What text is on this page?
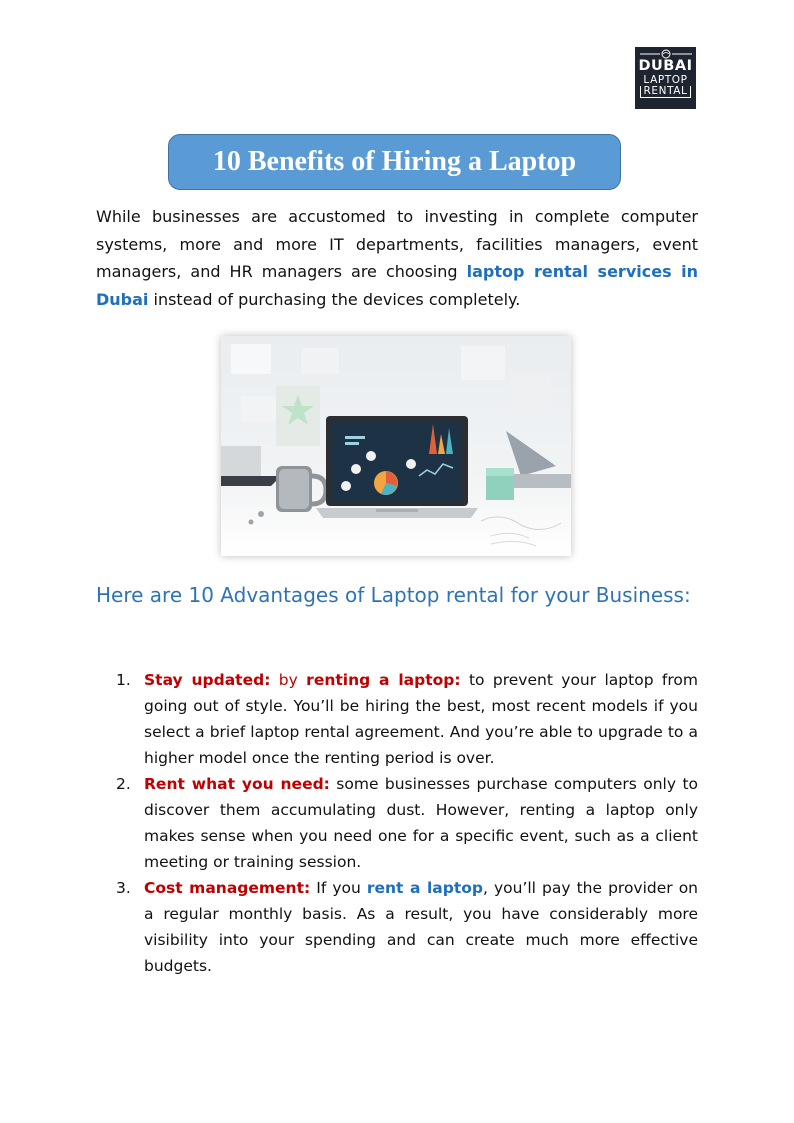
DUBAI
LAPTOP
RENTAL
10 Benefits of Hiring a Laptop

While businesses are accustomed to investing in complete computer systems, more and more IT departments, facilities managers, event managers, and HR managers are choosing laptop rental services in Dubai instead of purchasing the devices completely.

Here are 10 Advantages of Laptop rental for your Business:
1. Stay updated: by renting a laptop: to prevent your laptop from going out of style. You’ll be hiring the best, most recent models if you select a brief laptop rental agreement. And you’re able to upgrade to a higher model once the renting period is over.
2. Rent what you need: some businesses purchase computers only to discover them accumulating dust. However, renting a laptop only makes sense when you need one for a specific event, such as a client meeting or training session.
3. Cost management: If you rent a laptop, you’ll pay the provider on a regular monthly basis. As a result, you have considerably more visibility into your spending and can create much more effective budgets.
